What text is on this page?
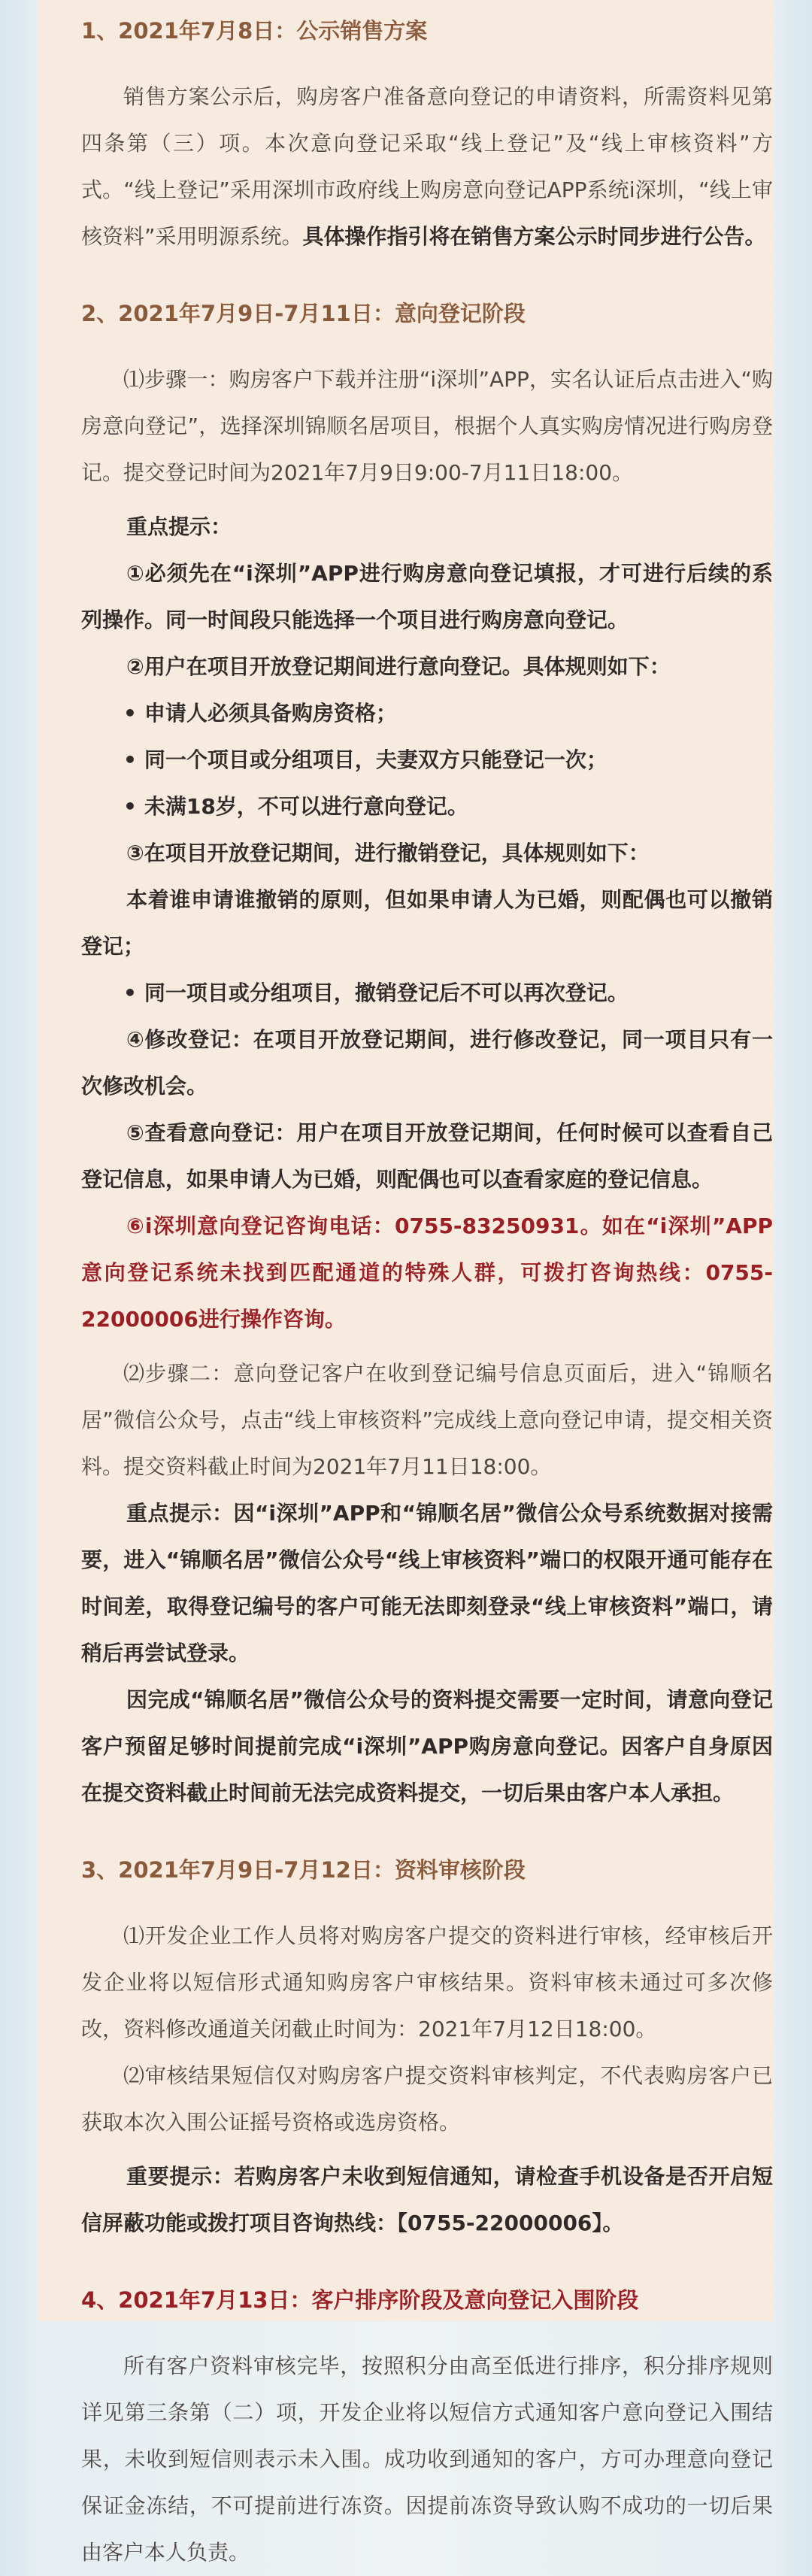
1、2021年7月8日：公示销售方案

销售方案公示后，购房客户准备意向登记的申请资料，所需资料见第四条第（三）项。本次意向登记采取“线上登记”及“线上审核资料”方式。“线上登记”采用深圳市政府线上购房意向登记APP系统i深圳，“线上审核资料”采用明源系统。具体操作指引将在销售方案公示时同步进行公告。

2、2021年7月9日-7月11日：意向登记阶段

⑴步骤一：购房客户下载并注册“i深圳”APP，实名认证后点击进入“购房意向登记”，选择深圳锦顺名居项目，根据个人真实购房情况进行购房登记。提交登记时间为2021年7月9日9:00-7月11日18:00。

重点提示：

①必须先在“i深圳”APP进行购房意向登记填报，才可进行后续的系列操作。同一时间段只能选择一个项目进行购房意向登记。

②用户在项目开放登记期间进行意向登记。具体规则如下：

• 申请人必须具备购房资格；

• 同一个项目或分组项目，夫妻双方只能登记一次；

• 未满18岁，不可以进行意向登记。

③在项目开放登记期间，进行撤销登记，具体规则如下：

本着谁申请谁撤销的原则，但如果申请人为已婚，则配偶也可以撤销登记；

• 同一项目或分组项目，撤销登记后不可以再次登记。

④修改登记：在项目开放登记期间，进行修改登记，同一项目只有一次修改机会。

⑤查看意向登记：用户在项目开放登记期间，任何时候可以查看自己登记信息，如果申请人为已婚，则配偶也可以查看家庭的登记信息。

⑥i深圳意向登记咨询电话：0755-83250931。如在“i深圳”APP意向登记系统未找到匹配通道的特殊人群，可拨打咨询热线：0755-22000006进行操作咨询。

⑵步骤二：意向登记客户在收到登记编号信息页面后，进入“锦顺名居”微信公众号，点击“线上审核资料”完成线上意向登记申请，提交相关资料。提交资料截止时间为2021年7月11日18:00。

重点提示：因“i深圳”APP和“锦顺名居”微信公众号系统数据对接需要，进入“锦顺名居”微信公众号“线上审核资料”端口的权限开通可能存在时间差，取得登记编号的客户可能无法即刻登录“线上审核资料”端口，请稍后再尝试登录。

因完成“锦顺名居”微信公众号的资料提交需要一定时间，请意向登记客户预留足够时间提前完成“i深圳”APP购房意向登记。因客户自身原因在提交资料截止时间前无法完成资料提交，一切后果由客户本人承担。

3、2021年7月9日-7月12日：资料审核阶段

⑴开发企业工作人员将对购房客户提交的资料进行审核，经审核后开发企业将以短信形式通知购房客户审核结果。资料审核未通过可多次修改，资料修改通道关闭截止时间为：2021年7月12日18:00。

⑵审核结果短信仅对购房客户提交资料审核判定，不代表购房客户已获取本次入围公证摇号资格或选房资格。

重要提示：若购房客户未收到短信通知，请检查手机设备是否开启短信屏蔽功能或拨打项目咨询热线：【0755-22000006】。

4、2021年7月13日：客户排序阶段及意向登记入围阶段

所有客户资料审核完毕，按照积分由高至低进行排序，积分排序规则详见第三条第（二）项，开发企业将以短信方式通知客户意向登记入围结果，未收到短信则表示未入围。成功收到通知的客户，方可办理意向登记保证金冻结，不可提前进行冻资。因提前冻资导致认购不成功的一切后果由客户本人负责。
